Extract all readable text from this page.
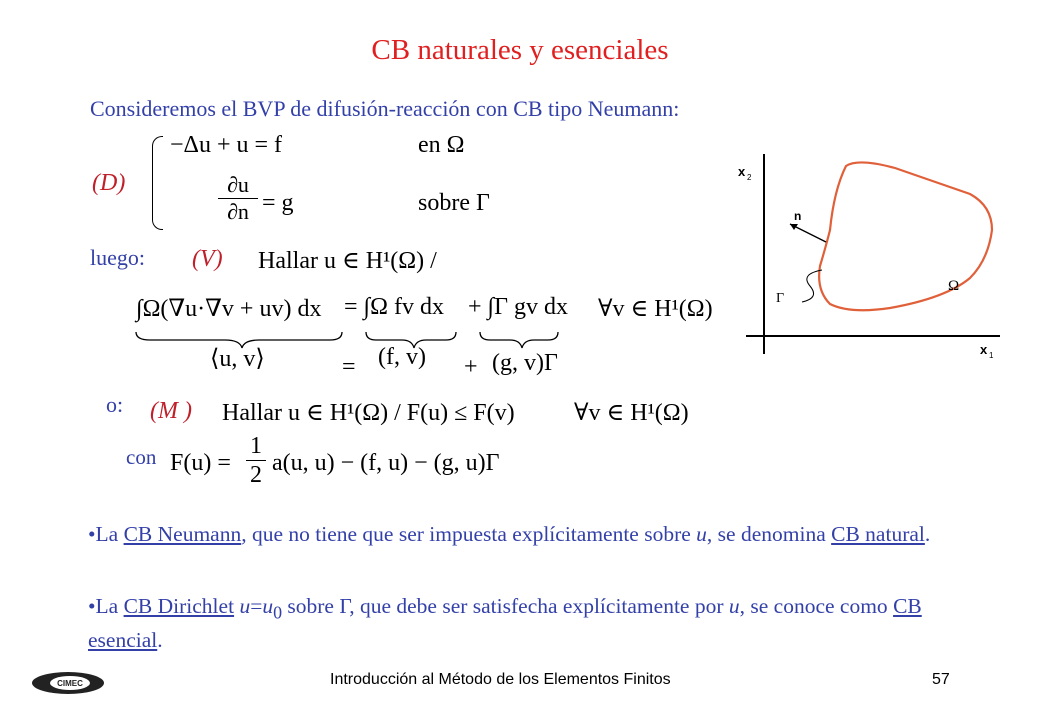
CB naturales y esenciales
Consideremos el BVP de difusión-reacción con CB tipo Neumann:
(D)
−Δu + u = f	en Ω
$\frac{\partial u}{\partial n} = g$	sobre Γ
luego: (V) Hallar u ∈ H¹(Ω) /
∫Ω(∇u·∇v + uv) dx = ∫Ω fv dx + ∫Γ gv dx ∀v ∈ H¹(Ω)
⟨u, v⟩	= (f, v) + (g, v)Γ
o: (M ) Hallar u ∈ H¹(Ω) / F(u) ≤ F(v) ∀v ∈ H¹(Ω)
con $F(u) = \frac{1}{2} a(u$, u) − (f, u) − (g, u)Γ
•La CB Neumann, que no tiene que ser impuesta explícitamente sobre u, se denomina CB natural.
•La CB Dirichlet $u=u_0$ sobre Γ, que debe ser satisfecha explícitamente por u, se conoce como CB esencial.
x 2
x 1
n
Ω
Γ
CIMEC	Introducción al Método de los Elementos Finitos	57
